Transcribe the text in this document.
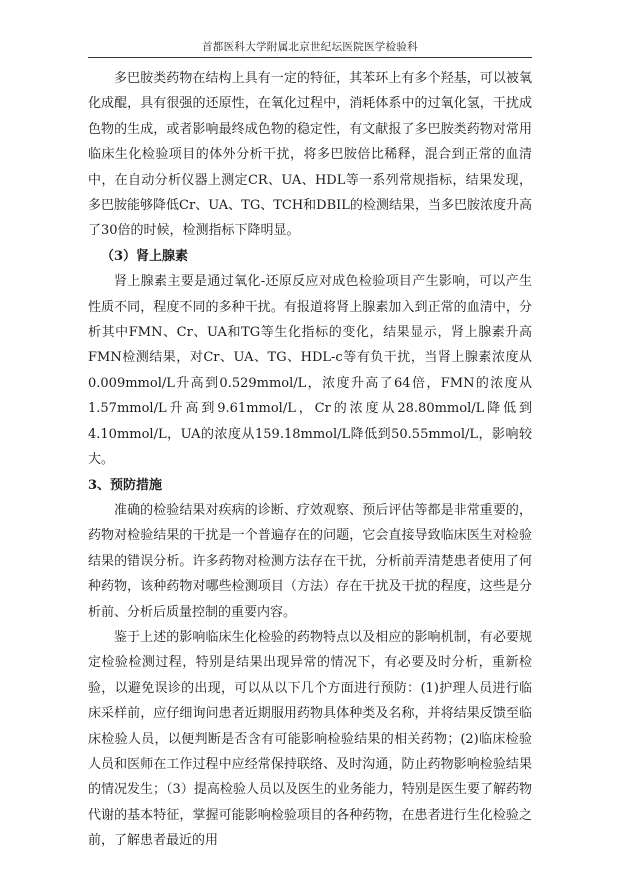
首都医科大学附属北京世纪坛医院医学检验科

多巴胺类药物在结构上具有一定的特征，其苯环上有多个羟基，可以被氧化成醌，具有很强的还原性，在氧化过程中，消耗体系中的过氧化氢，干扰成色物的生成，或者影响最终成色物的稳定性，有文献报了多巴胺类药物对常用临床生化检验项目的体外分析干扰，将多巴胺倍比稀释，混合到正常的血清中，在自动分析仪器上测定CR、UA、HDL等一系列常规指标，结果发现，多巴胺能够降低Cr、UA、TG、TCH和DBIL的检测结果，当多巴胺浓度升高了30倍的时候，检测指标下降明显。

（3）肾上腺素

肾上腺素主要是通过氧化-还原反应对成色检验项目产生影响，可以产生性质不同，程度不同的多种干扰。有报道将肾上腺素加入到正常的血清中，分析其中FMN、Cr、UA和TG等生化指标的变化，结果显示，肾上腺素升高FMN检测结果，对Cr、UA、TG、HDL-c等有负干扰，当肾上腺素浓度从0.009mmol/L升高到0.529mmol/L，浓度升高了64倍，FMN的浓度从1.57mmol/L升高到9.61mmol/L，Cr的浓度从28.80mmol/L降低到4.10mmol/L，UA的浓度从159.18mmol/L降低到50.55mmol/L，影响较大。

3、预防措施

准确的检验结果对疾病的诊断、疗效观察、预后评估等都是非常重要的，药物对检验结果的干扰是一个普遍存在的问题，它会直接导致临床医生对检验结果的错误分析。许多药物对检测方法存在干扰，分析前弄清楚患者使用了何种药物，该种药物对哪些检测项目（方法）存在干扰及干扰的程度，这些是分析前、分析后质量控制的重要内容。

鉴于上述的影响临床生化检验的药物特点以及相应的影响机制，有必要规定检验检测过程，特别是结果出现异常的情况下，有必要及时分析，重新检验，以避免误诊的出现，可以从以下几个方面进行预防：(1)护理人员进行临床采样前，应仔细询问患者近期服用药物具体种类及名称，并将结果反馈至临床检验人员，以便判断是否含有可能影响检验结果的相关药物；(2)临床检验人员和医师在工作过程中应经常保持联络、及时沟通，防止药物影响检验结果的情况发生；（3）提高检验人员以及医生的业务能力，特别是医生要了解药物代谢的基本特征，掌握可能影响检验项目的各种药物，在患者进行生化检验之前，了解患者最近的用
